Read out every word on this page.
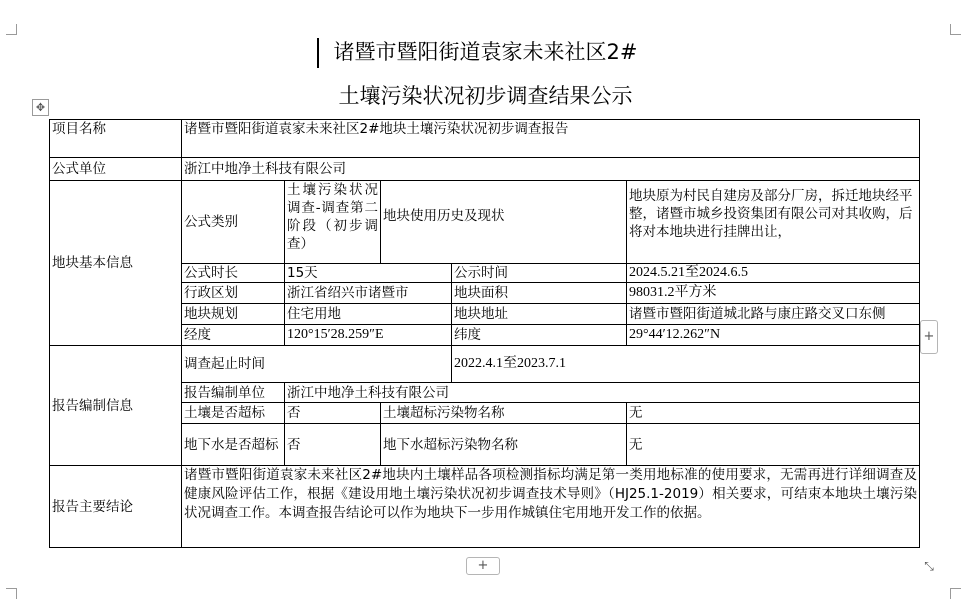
诸暨市暨阳街道袁家未来社区2#
土壤污染状况初步调查结果公示
✥
项目名称	诸暨市暨阳街道袁家未来社区2#地块土壤污染状况初步调查报告				
公式单位	浙江中地净土科技有限公司				
地块基本信息	公式类别	土壤污染状况调查-调查第二阶段（初步调查）	地块使用历史及现状		地块原为村民自建房及部分厂房，拆迁地块经平整，诸暨市城乡投资集团有限公司对其收购，后将对本地块进行挂牌出让，
	公式时长	15天		公示时间	2024.5.21至2024.6.5
	行政区划	浙江省绍兴市诸暨市		地块面积	98031.2平方米
	地块规划	住宅用地		地块地址	诸暨市暨阳街道城北路与康庄路交叉口东侧
	经度	120°15′28.259″E		纬度	29°44′12.262″N
报告编制信息	调查起止时间			2022.4.1至2023.7.1	
	报告编制单位	浙江中地净土科技有限公司			
	土壤是否超标	否	土壤超标污染物名称		无
	地下水是否超标	否	地下水超标污染物名称		无
报告主要结论	诸暨市暨阳街道袁家未来社区2#地块内土壤样品各项检测指标均满足第一类用地标准的使用要求，无需再进行详细调查及健康风险评估工作，根据《建设用地土壤污染状况初步调查技术导则》（HJ25.1-2019）相关要求，可结束本地块土壤污染状况调查工作。本调查报告结论可以作为地块下一步用作城镇住宅用地开发工作的依据。				
+
+
⤡
